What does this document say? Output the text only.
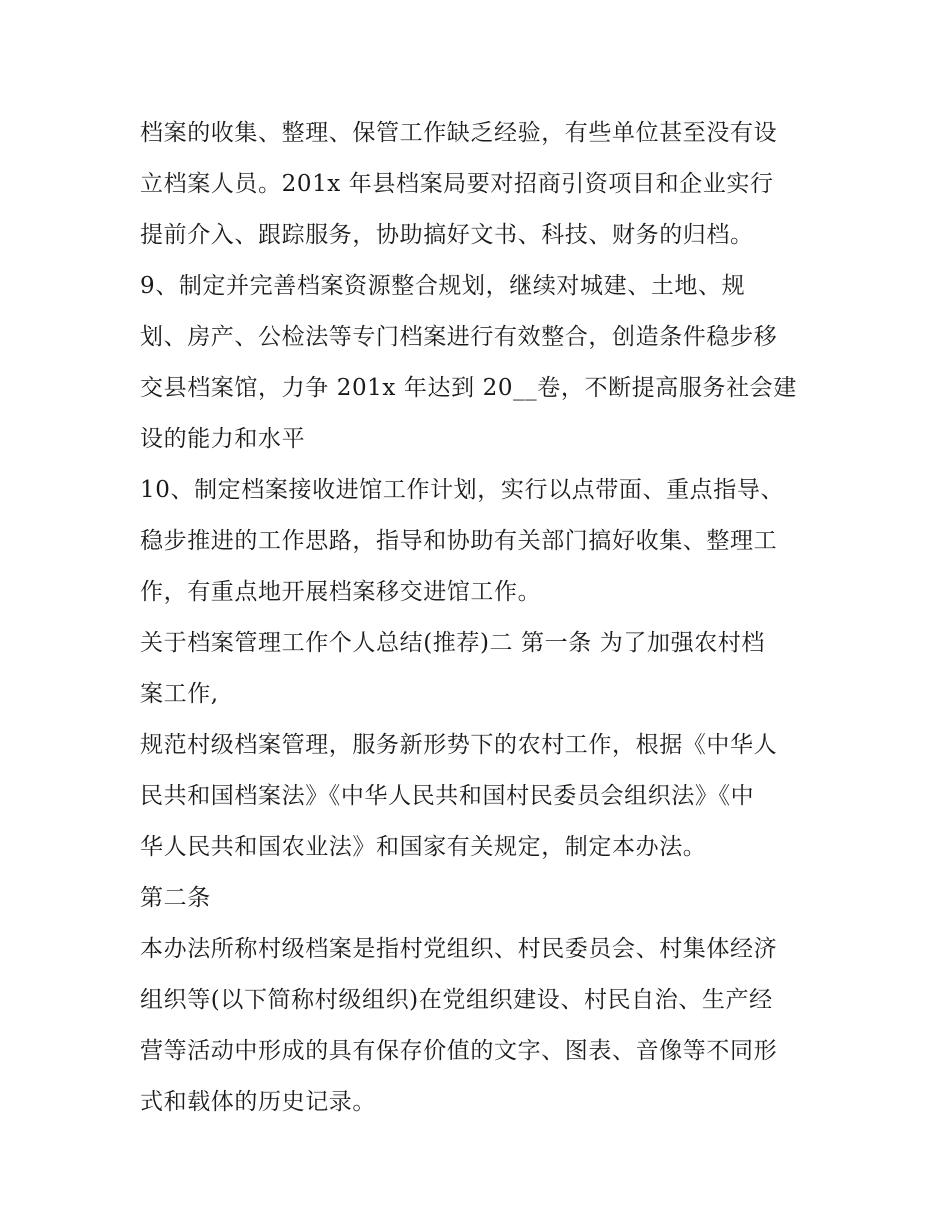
档案的收集、整理、保管工作缺乏经验，有些单位甚至没有设
立档案人员。201x 年县档案局要对招商引资项目和企业实行
提前介入、跟踪服务，协助搞好文书、科技、财务的归档。
9、制定并完善档案资源整合规划，继续对城建、土地、规
划、房产、公检法等专门档案进行有效整合，创造条件稳步移
交县档案馆，力争 201x 年达到 20__卷，不断提高服务社会建
设的能力和水平
10、制定档案接收进馆工作计划，实行以点带面、重点指导、
稳步推进的工作思路，指导和协助有关部门搞好收集、整理工
作，有重点地开展档案移交进馆工作。
关于档案管理工作个人总结(推荐)二 第一条 为了加强农村档
案工作,
规范村级档案管理，服务新形势下的农村工作，根据《中华人
民共和国档案法》《中华人民共和国村民委员会组织法》《中
华人民共和国农业法》和国家有关规定，制定本办法。
第二条
本办法所称村级档案是指村党组织、村民委员会、村集体经济
组织等(以下简称村级组织)在党组织建设、村民自治、生产经
营等活动中形成的具有保存价值的文字、图表、音像等不同形
式和载体的历史记录。
